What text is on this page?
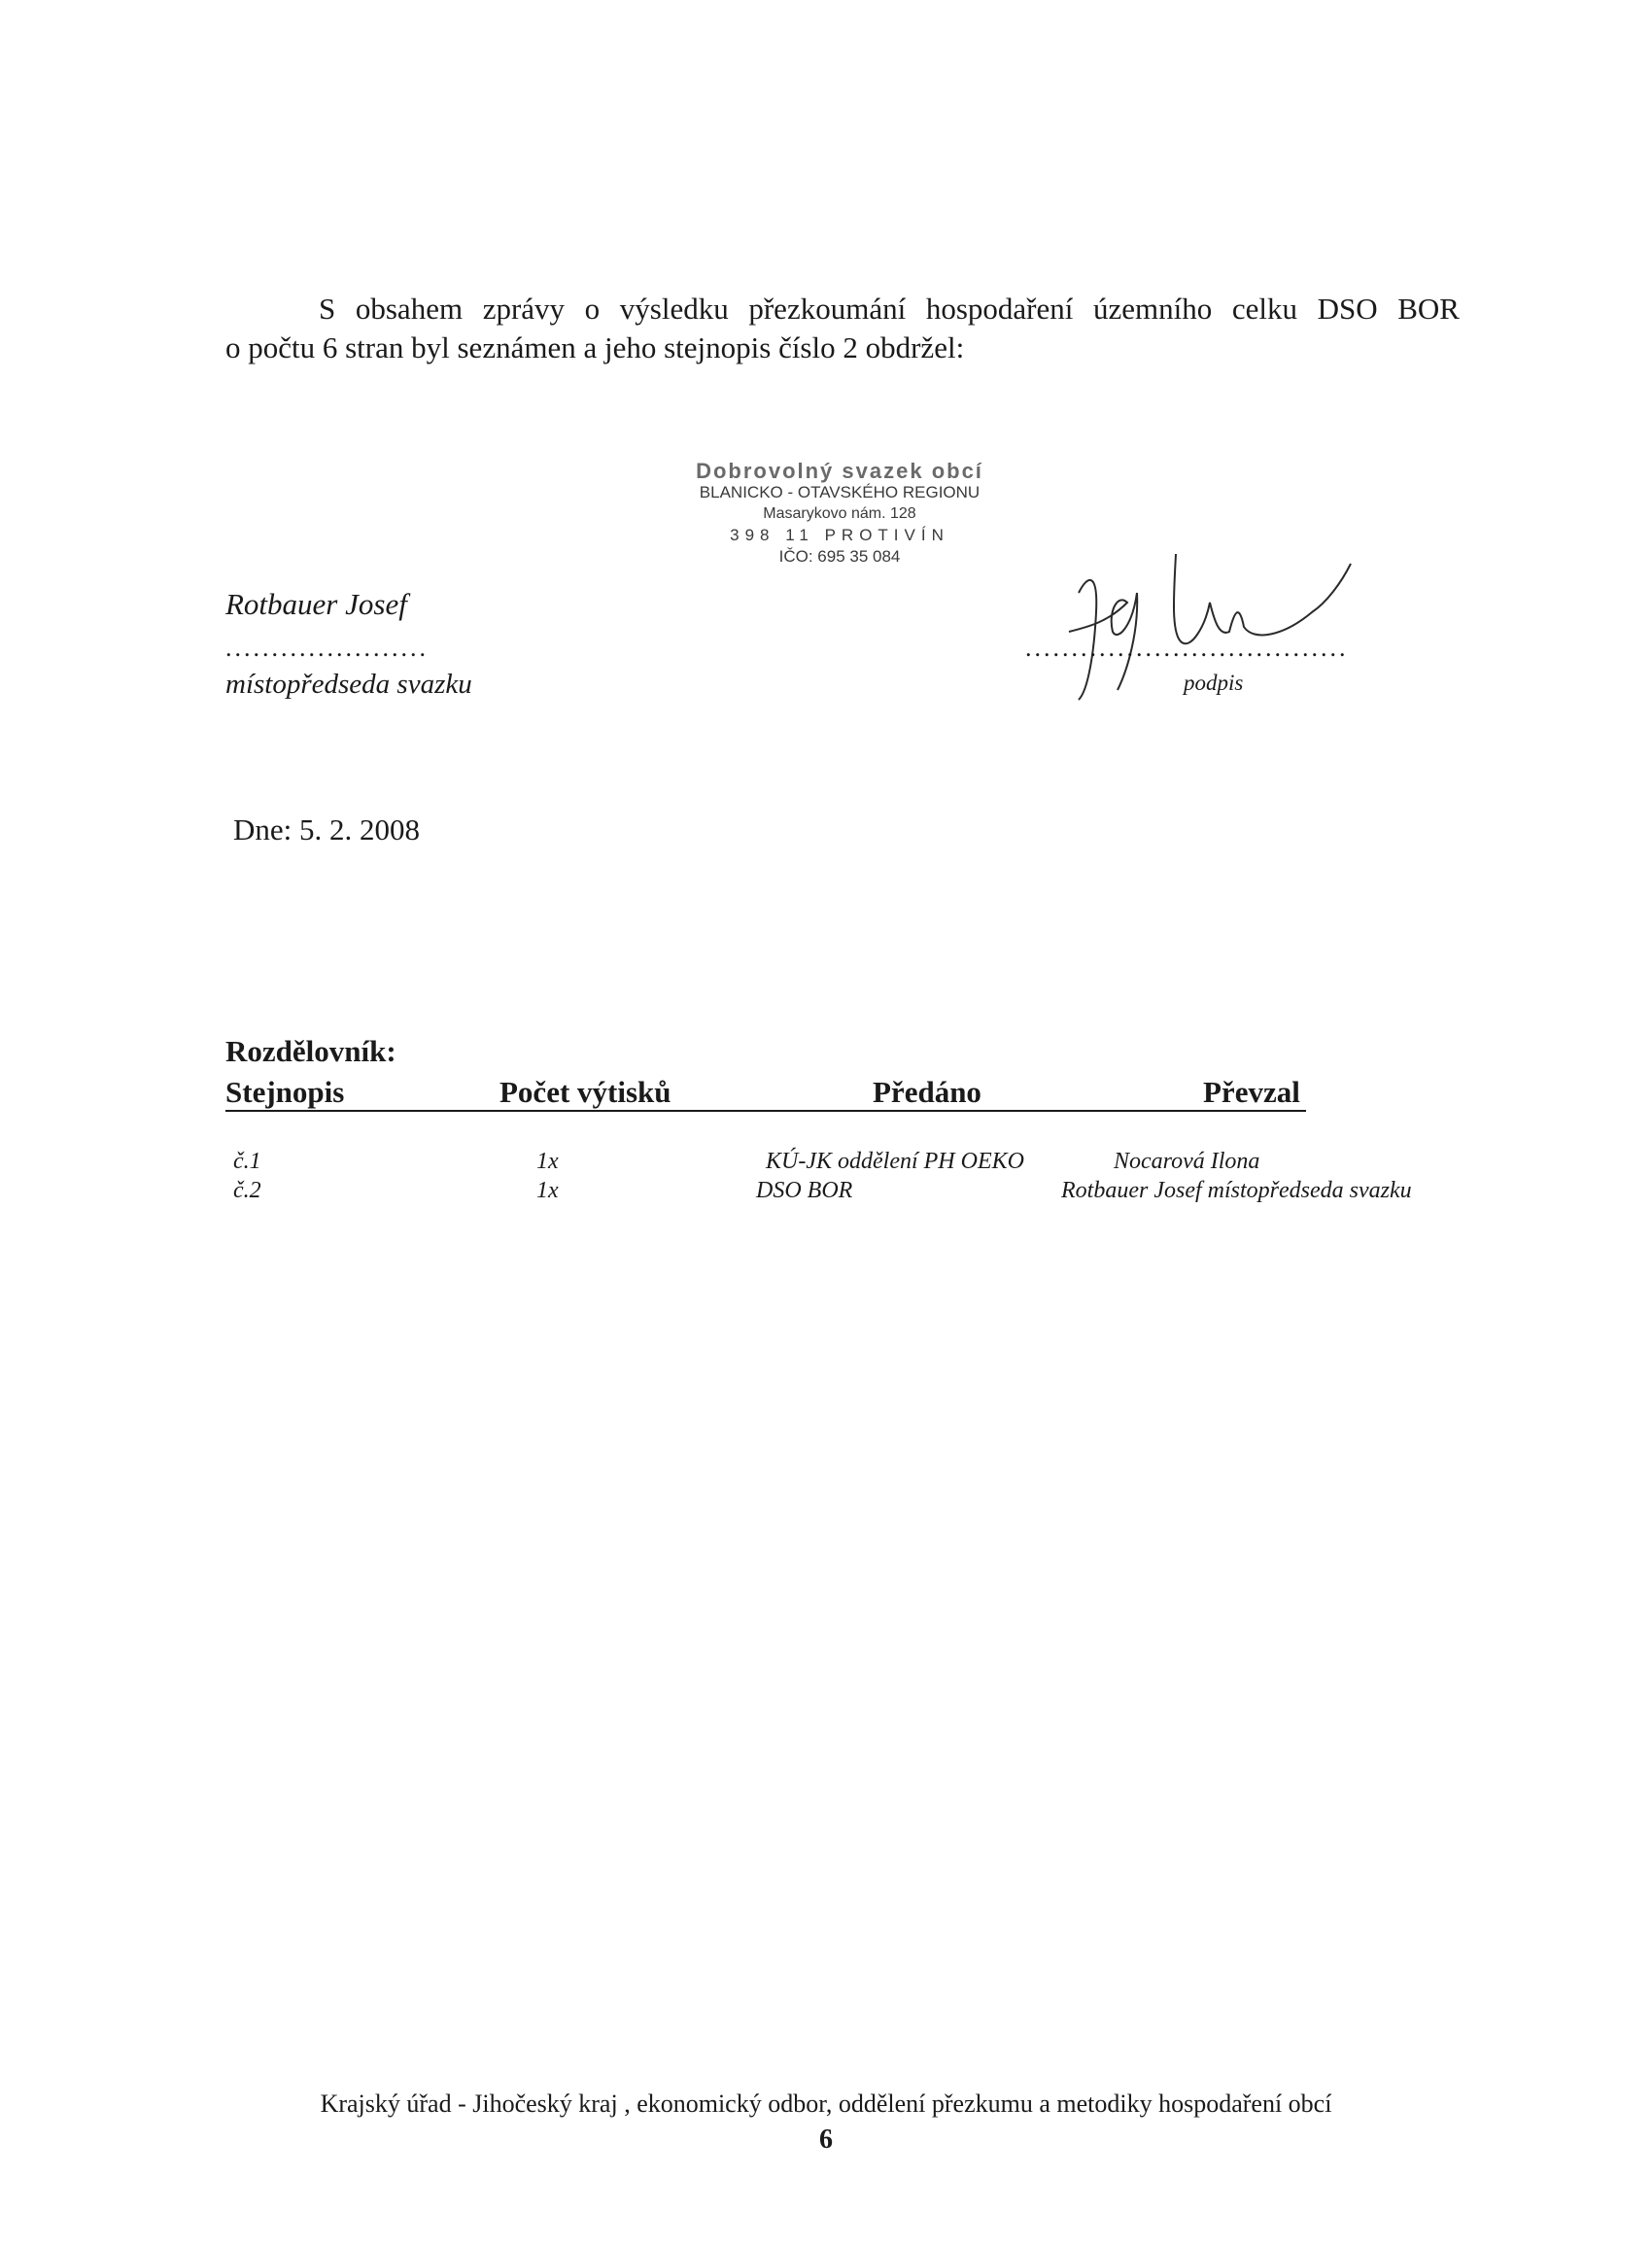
S obsahem zprávy o výsledku přezkoumání hospodaření územního celku DSO BOR

o počtu 6 stran byl seznámen a jeho stejnopis číslo 2 obdržel:

Dobrovolný svazek obcí
BLANICKO - OTAVSKÉHO REGIONU
Masarykovo nám. 128
398 11 PROTIVÍN
IČO: 695 35 084
Rotbauer Josef
......................
místopředseda svazku
...................................
podpis
Dne: 5. 2. 2008
Rozdělovník:
Stejnopis	Počet výtisků	Předáno	Převzal
č.1	1x	KÚ-JK oddělení PH OEKO	Nocarová Ilona
č.2	1x	DSO BOR	Rotbauer Josef místopředseda svazku
Krajský úřad - Jihočeský kraj , ekonomický odbor, oddělení přezkumu a metodiky hospodaření obcí
6
